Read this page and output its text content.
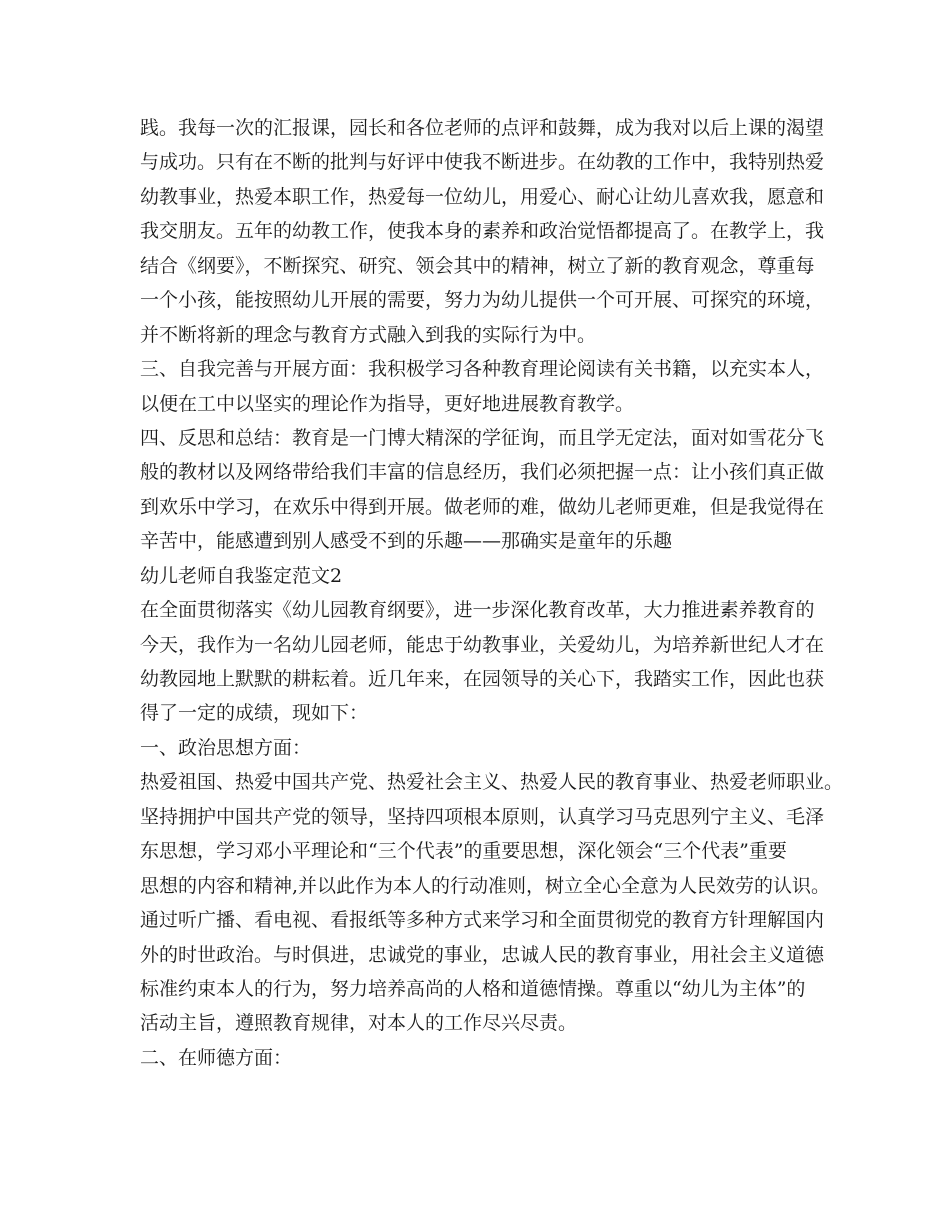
践。我每一次的汇报课，园长和各位老师的点评和鼓舞，成为我对以后上课的渴望
与成功。只有在不断的批判与好评中使我不断进步。在幼教的工作中，我特别热爱
幼教事业，热爱本职工作，热爱每一位幼儿，用爱心、耐心让幼儿喜欢我，愿意和
我交朋友。五年的幼教工作，使我本身的素养和政治觉悟都提高了。在教学上，我
结合《纲要》，不断探究、研究、领会其中的精神，树立了新的教育观念，尊重每
一个小孩，能按照幼儿开展的需要，努力为幼儿提供一个可开展、可探究的环境，
并不断将新的理念与教育方式融入到我的实际行为中。
三、自我完善与开展方面：我积极学习各种教育理论阅读有关书籍，以充实本人，
以便在工中以坚实的理论作为指导，更好地进展教育教学。
四、反思和总结：教育是一门博大精深的学征询，而且学无定法，面对如雪花分飞
般的教材以及网络带给我们丰富的信息经历，我们必须把握一点：让小孩们真正做
到欢乐中学习，在欢乐中得到开展。做老师的难，做幼儿老师更难，但是我觉得在
辛苦中，能感遭到别人感受不到的乐趣——那确实是童年的乐趣
幼儿老师自我鉴定范文2
在全面贯彻落实《幼儿园教育纲要》，进一步深化教育改革，大力推进素养教育的
今天，我作为一名幼儿园老师，能忠于幼教事业，关爱幼儿，为培养新世纪人才在
幼教园地上默默的耕耘着。近几年来，在园领导的关心下，我踏实工作，因此也获
得了一定的成绩，现如下：
一、政治思想方面：
热爱祖国、热爱中国共产党、热爱社会主义、热爱人民的教育事业、热爱老师职业。
坚持拥护中国共产党的领导，坚持四项根本原则，认真学习马克思列宁主义、毛泽
东思想，学习邓小平理论和“三个代表”的重要思想，深化领会“三个代表”重要
思想的内容和精神,并以此作为本人的行动准则，树立全心全意为人民效劳的认识。
通过听广播、看电视、看报纸等多种方式来学习和全面贯彻党的教育方针理解国内
外的时世政治。与时俱进，忠诚党的事业，忠诚人民的教育事业，用社会主义道德
标准约束本人的行为，努力培养高尚的人格和道德情操。尊重以“幼儿为主体”的
活动主旨，遵照教育规律，对本人的工作尽兴尽责。
二、在师德方面：
